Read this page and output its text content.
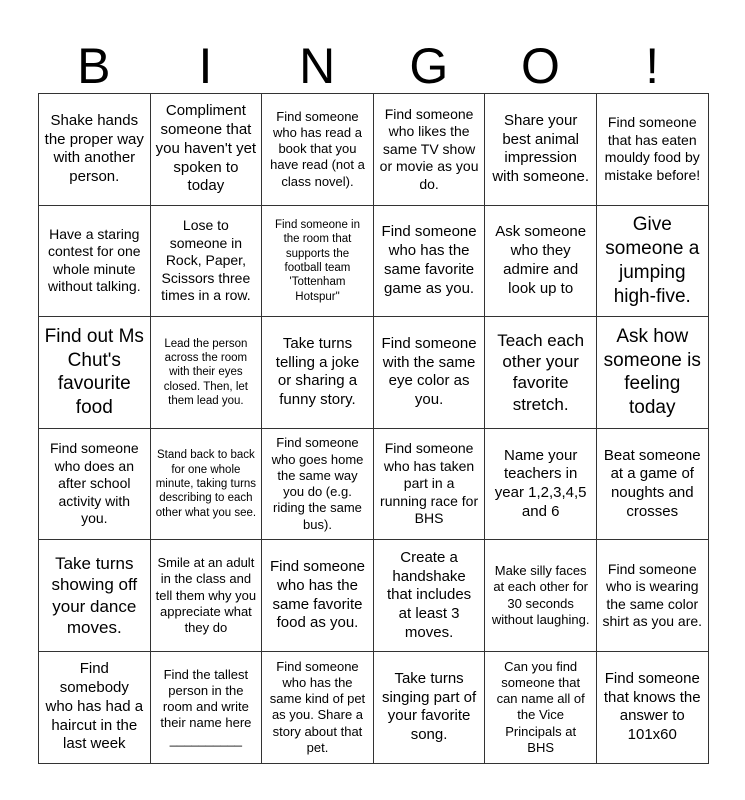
B	I	N	G	O	!
Shake hands the proper way with another person.	Compliment someone that you haven't yet spoken to today	Find someone who has read a book that you have read (not a class novel).	Find someone who likes the same TV show or movie as you do.	Share your best animal impression with someone.	Find someone that has eaten mouldy food by mistake before!
Have a staring contest for one whole minute without talking.	Lose to someone in Rock, Paper, Scissors three times in a row.	Find someone in the room that supports the football team 'Tottenham Hotspur"	Find someone who has the same favorite game as you.	Ask someone who they admire and look up to	Give someone a jumping high-five.
Find out Ms Chut's favourite food	Lead the person across the room with their eyes closed. Then, let them lead you.	Take turns telling a joke or sharing a funny story.	Find someone with the same eye color as you.	Teach each other your favorite stretch.	Ask how someone is feeling today
Find someone who does an after school activity with you.	Stand back to back for one whole minute, taking turns describing to each other what you see.	Find someone who goes home the same way you do (e.g. riding the same bus).	Find someone who has taken part in a running race for BHS	Name your teachers in year 1,2,3,4,5 and 6	Beat someone at a game of noughts and crosses
Take turns showing off your dance moves.	Smile at an adult in the class and tell them why you appreciate what they do	Find someone who has the same favorite food as you.	Create a handshake that includes at least 3 moves.	Make silly faces at each other for 30 seconds without laughing.	Find someone who is wearing the same color shirt as you are.
Find somebody who has had a haircut in the last week	Find the tallest person in the room and write their name here __________	Find someone who has the same kind of pet as you. Share a story about that pet.	Take turns singing part of your favorite song.	Can you find someone that can name all of the Vice Principals at BHS	Find someone that knows the answer to 101x60
